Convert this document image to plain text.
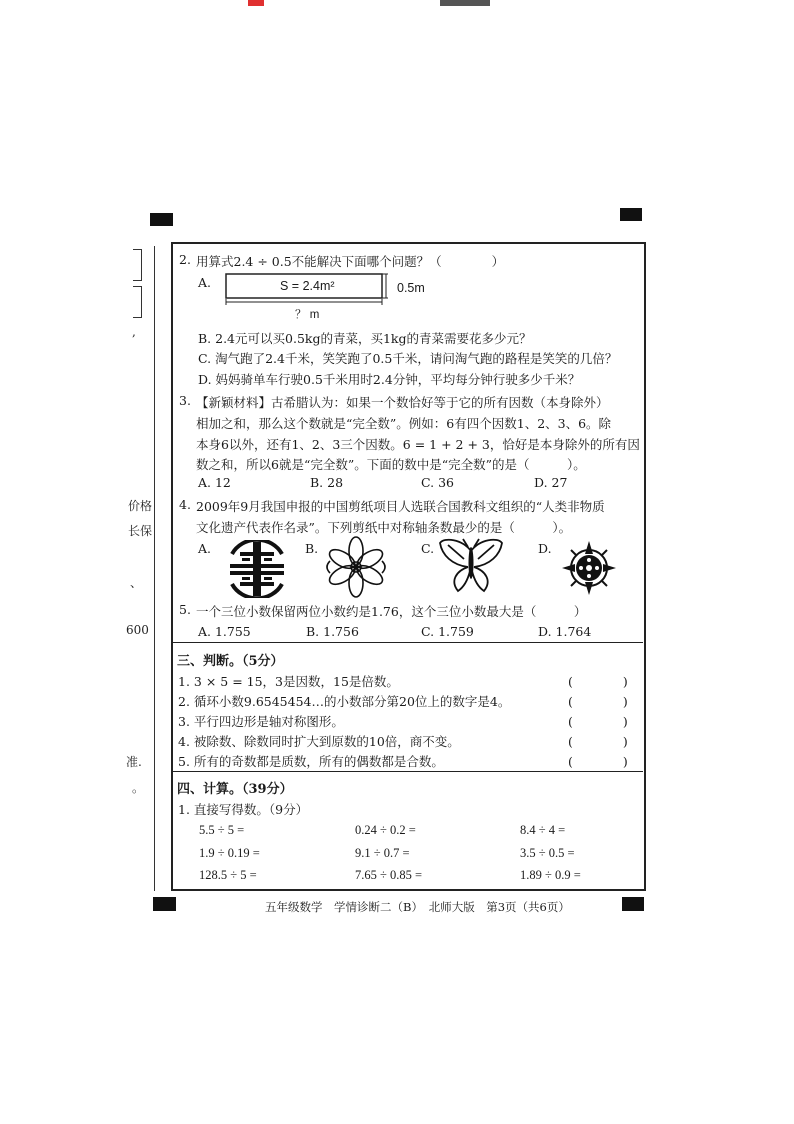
,
价格
长保
、
600
准.
。
2. 用算式2.4 ÷ 0.5不能解决下面哪个问题？（　　　　）
A.	S = 2.4m²	0.5m
？ m
B. 2.4元可以买0.5kg的青菜，买1kg的青菜需要花多少元？
C. 淘气跑了2.4千米，笑笑跑了0.5千米，请问淘气跑的路程是笑笑的几倍？
D. 妈妈骑单车行驶0.5千米用时2.4分钟，平均每分钟行驶多少千米？
3. 【新颖材料】古希腊认为：如果一个数恰好等于它的所有因数（本身除外）
相加之和，那么这个数就是“完全数”。例如：6有四个因数1、2、3、6。除
本身6以外，还有1、2、3三个因数。6 = 1 + 2 + 3，恰好是本身除外的所有因
数之和，所以6就是“完全数”。下面的数中是“完全数”的是（　　　）。
A. 12	B. 28	C. 36	D. 27
4. 2009年9月我国申报的中国剪纸项目人选联合国教科文组织的“人类非物质
文化遗产代表作名录”。下列剪纸中对称轴条数最少的是（　　　）。
A.	B.	C.	D.
5. 一个三位小数保留两位小数约是1.76，这个三位小数最大是（　　　）
A. 1.755	B. 1.756	C. 1.759	D. 1.764
三、判断。（5分）
1. 3 × 5 = 15，3是因数，15是倍数。	(　　　　)
2. 循环小数9.6545454…的小数部分第20位上的数字是4。	(　　　　)
3. 平行四边形是轴对称图形。	(　　　　)
4. 被除数、除数同时扩大到原数的10倍，商不变。	(　　　　)
5. 所有的奇数都是质数，所有的偶数都是合数。	(　　　　)
四、计算。（39分）
1. 直接写得数。（9分）
5.5 ÷ 5 =	0.24 ÷ 0.2 =	8.4 ÷ 4 =
1.9 ÷ 0.19 =	9.1 ÷ 0.7 =	3.5 ÷ 0.5 =
128.5 ÷ 5 =	7.65 ÷ 0.85 =	1.89 ÷ 0.9 =
五年级数学　学情诊断二（B）　北师大版　第3页（共6页）
